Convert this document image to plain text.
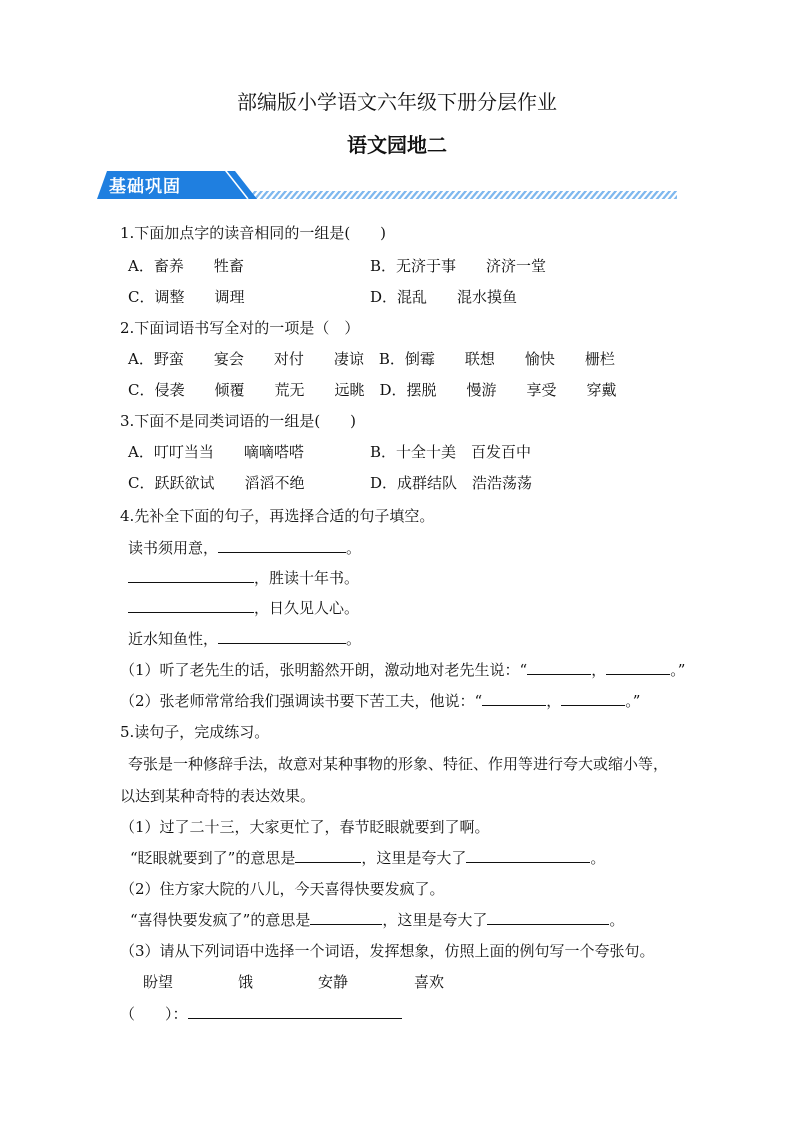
部编版小学语文六年级下册分层作业
语文园地二
基础巩固
1.下面加点字的读音相同的一组是(　　)
A．畜养　　牲畜	B．无济于事　　济济一堂
C．调整　　调理	D．混乱　　混水摸鱼
2.下面词语书写全对的一项是（　）
A．野蛮　　宴会　　对付　　凄谅　B．倒霉　　联想　　愉快　　栅栏
C．侵袭　　倾覆　　荒无　　远眺　D．摆脱　　慢游　　享受　　穿戴
3.下面不是同类词语的一组是(　　)
A．叮叮当当　　嘀嘀嗒嗒	B．十全十美　百发百中
C．跃跃欲试　　滔滔不绝	D．成群结队　浩浩荡荡
4.先补全下面的句子，再选择合适的句子填空。
读书须用意，	。
，胜读十年书。
，日久见人心。
近水知鱼性，	。
（1）听了老先生的话，张明豁然开朗，激动地对老先生说：“	，	。”
（2）张老师常常给我们强调读书要下苦工夫，他说：“	，	。”
5.读句子，完成练习。
夸张是一种修辞手法，故意对某种事物的形象、特征、作用等进行夸大或缩小等，
以达到某种奇特的表达效果。
（1）过了二十三，大家更忙了，春节眨眼就要到了啊。
“眨眼就要到了”的意思是	，这里是夸大了	。
（2）住方家大院的八儿，今天喜得快要发疯了。
“喜得快要发疯了”的意思是	，这里是夸大了	。
（3）请从下列词语中选择一个词语，发挥想象，仿照上面的例句写一个夸张句。
盼望	饿	安静	喜欢
（　　）：
